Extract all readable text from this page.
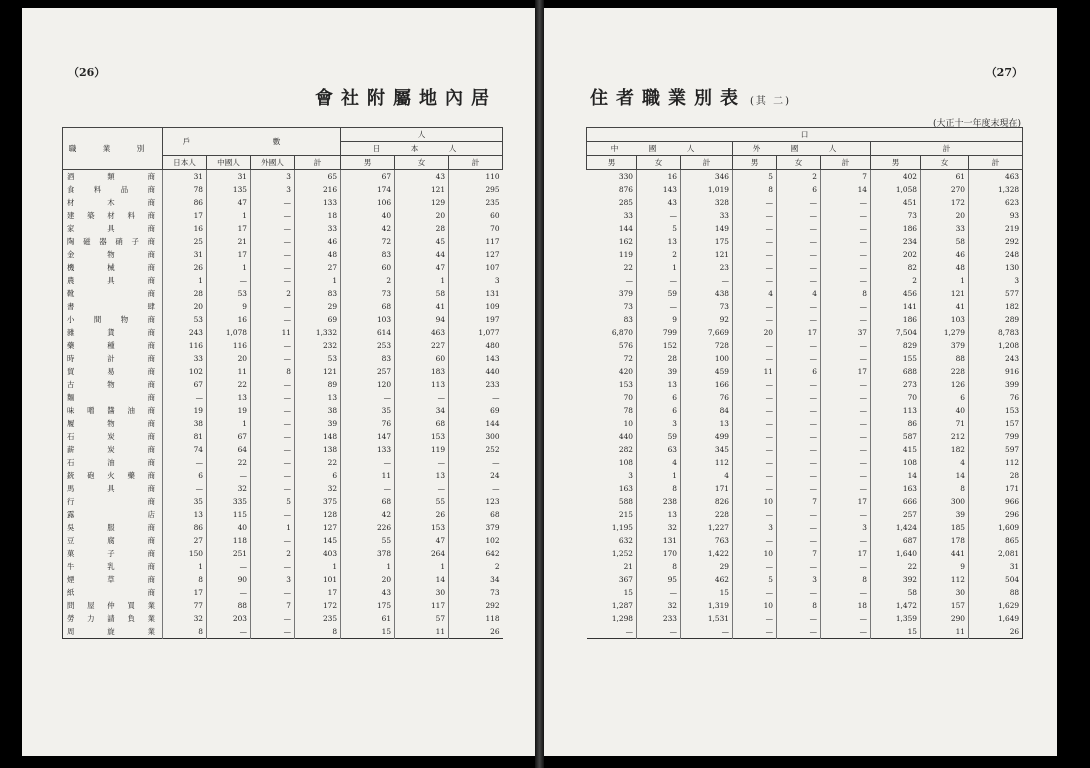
（26）
會社附屬地內居
職 業 別	戶 數				人		
					日 本 人		
	日本人	中國人	外國人	計	男	女	計
酒類商	31	31	3	65	67	43	110
食料品商	78	135	3	216	174	121	295
材木商	86	47	—	133	106	129	235
建築材料商	17	1	—	18	40	20	60
家具商	16	17	—	33	42	28	70
陶磁器硝子商	25	21	—	46	72	45	117
金物商	31	17	—	48	83	44	127
機械商	26	1	—	27	60	47	107
農具商	1	—	—	1	2	1	3
靴商	28	53	2	83	73	58	131
書肆	20	9	—	29	68	41	109
小間物商	53	16	—	69	103	94	197
雜貨商	243	1,078	11	1,332	614	463	1,077
藥種商	116	116	—	232	253	227	480
時計商	33	20	—	53	83	60	143
貿易商	102	11	8	121	257	183	440
古物商	67	22	—	89	120	113	233
麵商	—	13	—	13	—	—	—
味噌醬油商	19	19	—	38	35	34	69
履物商	38	1	—	39	76	68	144
石炭商	81	67	—	148	147	153	300
薪炭商	74	64	—	138	133	119	252
石油商	—	22	—	22	—	—	—
銃砲火藥商	6	—	—	6	11	13	24
馬具商	—	32	—	32	—	—	—
行商	35	335	5	375	68	55	123
露店	13	115	—	128	42	26	68
吳服商	86	40	1	127	226	153	379
豆腐商	27	118	—	145	55	47	102
菓子商	150	251	2	403	378	264	642
牛乳商	1	—	—	1	1	1	2
煙草商	8	90	3	101	20	14	34
紙商	17	—	—	17	43	30	73
問屋仲買業	77	88	7	172	175	117	292
勞力請負業	32	203	—	235	61	57	118
周旋業	8	—	—	8	15	11	26
（27）
住者職業別表 (其 二)
(大正十一年度末現在)
口								
中 國 人			外 國 人			計		
男	女	計	男	女	計	男	女	計
330	16	346	5	2	7	402	61	463
876	143	1,019	8	6	14	1,058	270	1,328
285	43	328	—	—	—	451	172	623
33	—	33	—	—	—	73	20	93
144	5	149	—	—	—	186	33	219
162	13	175	—	—	—	234	58	292
119	2	121	—	—	—	202	46	248
22	1	23	—	—	—	82	48	130
—	—	—	—	—	—	2	1	3
379	59	438	4	4	8	456	121	577
73	—	73	—	—	—	141	41	182
83	9	92	—	—	—	186	103	289
6,870	799	7,669	20	17	37	7,504	1,279	8,783
576	152	728	—	—	—	829	379	1,208
72	28	100	—	—	—	155	88	243
420	39	459	11	6	17	688	228	916
153	13	166	—	—	—	273	126	399
70	6	76	—	—	—	70	6	76
78	6	84	—	—	—	113	40	153
10	3	13	—	—	—	86	71	157
440	59	499	—	—	—	587	212	799
282	63	345	—	—	—	415	182	597
108	4	112	—	—	—	108	4	112
3	1	4	—	—	—	14	14	28
163	8	171	—	—	—	163	8	171
588	238	826	10	7	17	666	300	966
215	13	228	—	—	—	257	39	296
1,195	32	1,227	3	—	3	1,424	185	1,609
632	131	763	—	—	—	687	178	865
1,252	170	1,422	10	7	17	1,640	441	2,081
21	8	29	—	—	—	22	9	31
367	95	462	5	3	8	392	112	504
15	—	15	—	—	—	58	30	88
1,287	32	1,319	10	8	18	1,472	157	1,629
1,298	233	1,531	—	—	—	1,359	290	1,649
—	—	—	—	—	—	15	11	26
